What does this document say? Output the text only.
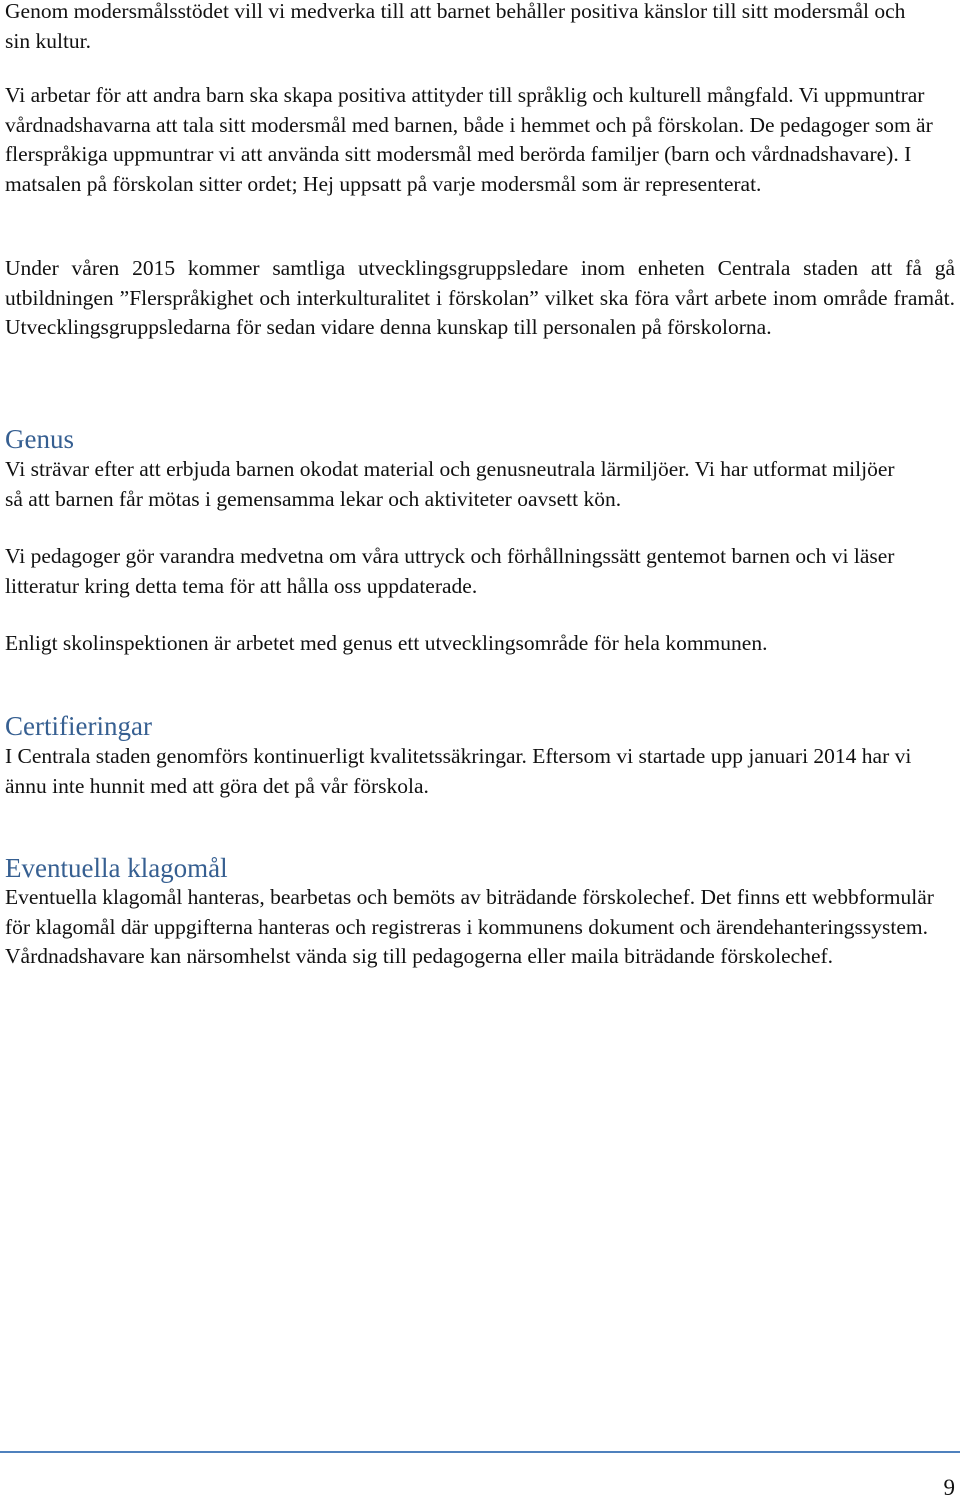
Genom modersmålsstödet vill vi medverka till att barnet behåller positiva känslor till sitt modersmål och sin kultur.

Vi arbetar för att andra barn ska skapa positiva attityder till språklig och kulturell mångfald. Vi uppmuntrar vårdnadshavarna att tala sitt modersmål med barnen, både i hemmet och på förskolan. De pedagoger som är flerspråkiga uppmuntrar vi att använda sitt modersmål med berörda familjer (barn och vårdnadshavare). I matsalen på förskolan sitter ordet; Hej uppsatt på varje modersmål som är representerat.

Under våren 2015 kommer samtliga utvecklingsgruppsledare inom enheten Centrala staden att få gå utbildningen ”Flerspråkighet och interkulturalitet i förskolan” vilket ska föra vårt arbete inom område framåt. Utvecklingsgruppsledarna för sedan vidare denna kunskap till personalen på förskolorna.

Genus

Vi strävar efter att erbjuda barnen okodat material och genusneutrala lärmiljöer. Vi har utformat miljöer så att barnen får mötas i gemensamma lekar och aktiviteter oavsett kön.

Vi pedagoger gör varandra medvetna om våra uttryck och förhållningssätt gentemot barnen och vi läser litteratur kring detta tema för att hålla oss uppdaterade.

Enligt skolinspektionen är arbetet med genus ett utvecklingsområde för hela kommunen.

Certifieringar

I Centrala staden genomförs kontinuerligt kvalitetssäkringar. Eftersom vi startade upp januari 2014 har vi ännu inte hunnit med att göra det på vår förskola.

Eventuella klagomål

Eventuella klagomål hanteras, bearbetas och bemöts av biträdande förskolechef. Det finns ett webbformulär för klagomål där uppgifterna hanteras och registreras i kommunens dokument och ärendehanteringssystem. Vårdnadshavare kan närsomhelst vända sig till pedagogerna eller maila biträdande förskolechef.

9
